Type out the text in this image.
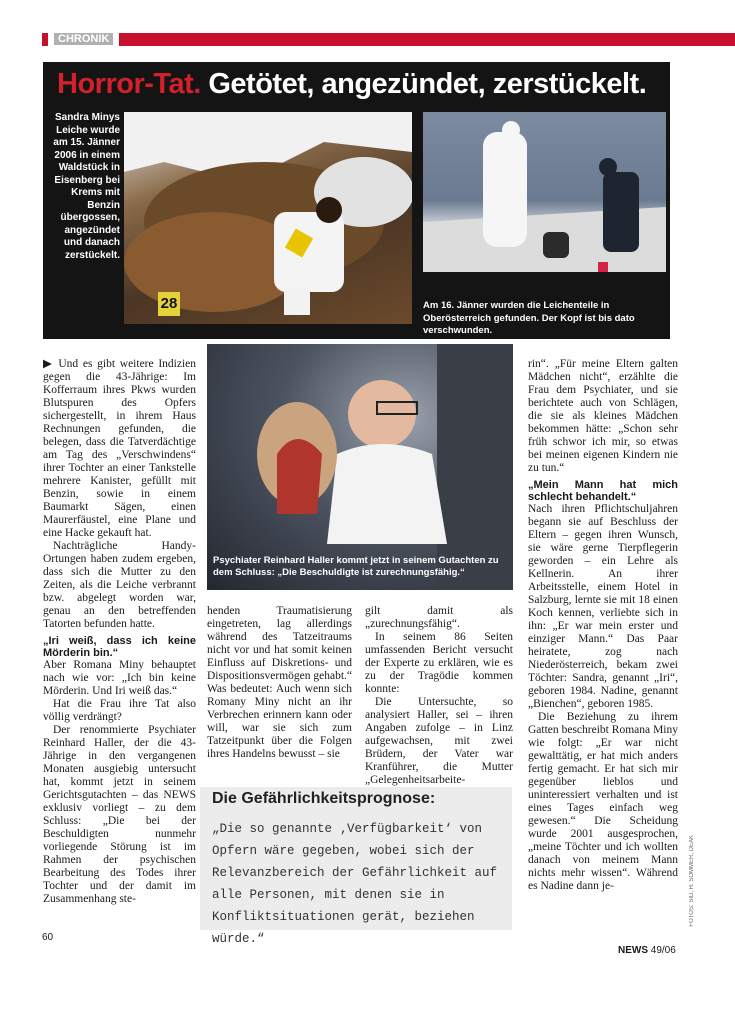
CHRONIK
Horror-Tat. Getötet, angezündet, zerstückelt.
Sandra Minys Leiche wurde am 15. Jänner 2006 in einem Waldstück in Eisenberg bei Krems mit Benzin übergossen, angezündet und danach zerstückelt.
28	Am 16. Jänner wurden die Leichenteile in Oberösterreich gefunden. Der Kopf ist bis dato verschwunden.
Psychiater Reinhard Haller kommt jetzt in seinem Gutachten zu dem Schluss: „Die Beschuldigte ist zurechnungsfähig.“

▶ Und es gibt weitere Indizien gegen die 43-Jährige: Im Kofferraum ihres Pkws wurden Blutspuren des Opfers sichergestellt, in ihrem Haus Rechnungen gefunden, die belegen, dass die Tatverdächtige am Tag des „Verschwindens“ ihrer Tochter an einer Tankstelle mehrere Kanister, gefüllt mit Benzin, sowie in einem Baumarkt Sägen, einen Maurerfäustel, eine Plane und eine Hacke gekauft hat.

Nachträgliche Handy-Ortungen haben zudem ergeben, dass sich die Mutter zu den Zeiten, als die Leiche verbrannt bzw. abgelegt worden war, genau an den betreffenden Tatorten befunden hatte.

„Iri weiß, dass ich keine Mörderin bin.“

Aber Romana Miny behauptet nach wie vor: „Ich bin keine Mörderin. Und Iri weiß das.“

Hat die Frau ihre Tat also völlig verdrängt?

Der renommierte Psychiater Reinhard Haller, der die 43-Jährige in den vergangenen Monaten ausgiebig untersucht hat, kommt jetzt in seinem Gerichtsgutachten – das NEWS exklusiv vorliegt – zu dem Schluss: „Die bei der Beschuldigten nunmehr vorliegende Störung ist im Rahmen der psychischen Bearbeitung des Todes ihrer Tochter und der damit im Zusammenhang ste-

henden Traumatisierung eingetreten, lag allerdings während des Tatzeitraums nicht vor und hat somit keinen Einfluss auf Diskretions- und Dispositionsvermögen gehabt.“ Was bedeutet: Auch wenn sich Romany Miny nicht an ihr Verbrechen erinnern kann oder will, war sie sich zum Tatzeitpunkt über die Folgen ihres Handelns bewusst – sie

gilt damit als „zurechnungsfähig“.

In seinem 86 Seiten umfassenden Bericht versucht der Experte zu erklären, wie es zu der Tragödie kommen konnte:

Die Untersuchte, so analysiert Haller, sei – ihren Angaben zufolge – in Linz aufgewachsen, mit zwei Brüdern, der Vater war Kranführer, die Mutter „Gelegenheitsarbeite-

rin“. „Für meine Eltern galten Mädchen nicht“, erzählte die Frau dem Psychiater, und sie berichtete auch von Schlägen, die sie als kleines Mädchen bekommen hätte: „Schon sehr früh schwor ich mir, so etwas bei meinen eigenen Kindern nie zu tun.“

„Mein Mann hat mich schlecht behandelt.“

Nach ihren Pflichtschuljahren begann sie auf Beschluss der Eltern – gegen ihren Wunsch, sie wäre gerne Tierpflegerin geworden – ein Lehre als Kellnerin. An ihrer Arbeitsstelle, einem Hotel in Salzburg, lernte sie mit 18 einen Koch kennen, verliebte sich in ihn: „Er war mein erster und einziger Mann.“ Das Paar heiratete, zog nach Niederösterreich, bekam zwei Töchter: Sandra, genannt „Iri“, geboren 1984. Nadine, genannt „Bienchen“, geboren 1985.

Die Beziehung zu ihrem Gatten beschreibt Romana Miny wie folgt: „Er war nicht gewalttätig, er hat mich anders fertig gemacht. Er hat sich mir gegenüber lieblos und uninteressiert verhalten und ist eines Tages einfach weg gewesen.“ Die Scheidung wurde 2001 ausgesprochen, „meine Töchter und ich wollten danach von meinem Mann nichts mehr wissen“. Während es Nadine dann je-

Die Gefährlichkeitsprognose:
„Die so genannte ‚Verfügbarkeit‘ von Opfern wäre gegeben, wobei sich der Relevanzbereich der Gefährlichkeit auf alle Personen, mit denen sie in Konfliktsituationen gerät, beziehen würde.“
60
NEWS 49/06
FOTOS: SID, H. SOMMER, DEAK
